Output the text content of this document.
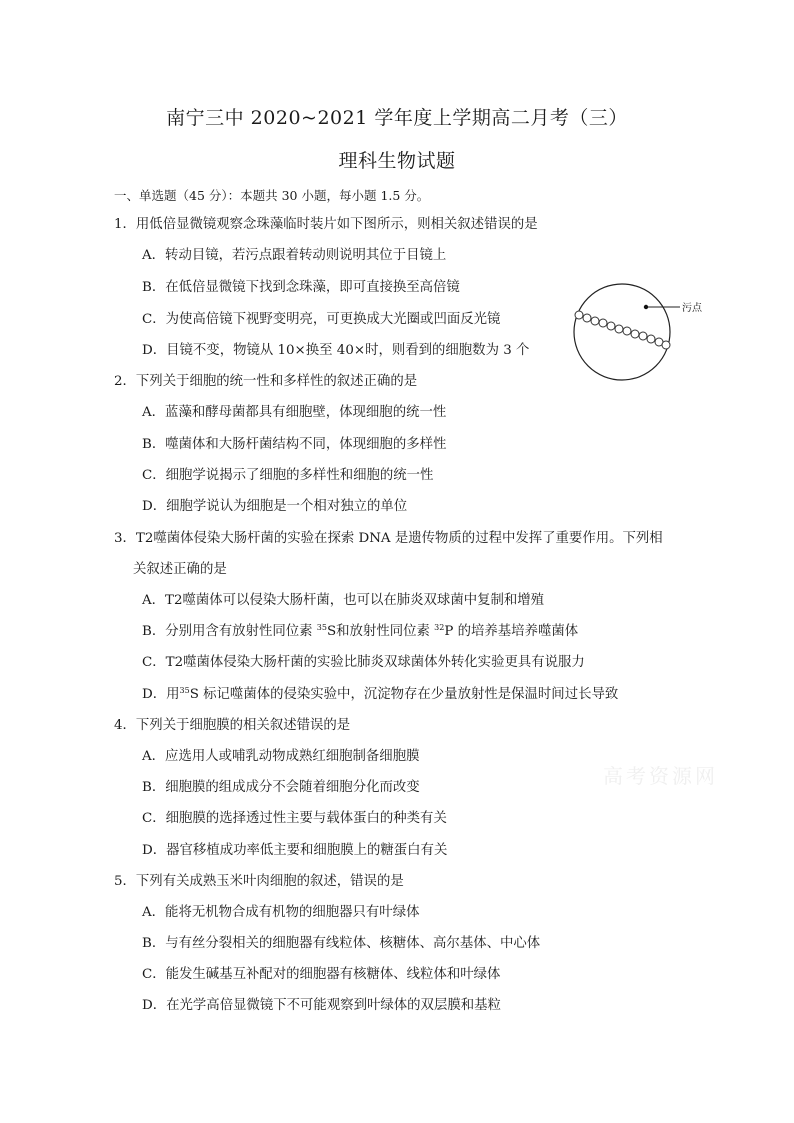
南宁三中 2020~2021 学年度上学期高二月考（三）
理科生物试题
一、单选题（45 分）：本题共 30 小题，每小题 1.5 分。
1．用低倍显微镜观察念珠藻临时装片如下图所示，则相关叙述错误的是
A．转动目镜，若污点跟着转动则说明其位于目镜上
B．在低倍显微镜下找到念珠藻，即可直接换至高倍镜
C．为使高倍镜下视野变明亮，可更换成大光圈或凹面反光镜
D．目镜不变，物镜从 10×换至 40×时，则看到的细胞数为 3 个
污点
2．下列关于细胞的统一性和多样性的叙述正确的是
A．蓝藻和酵母菌都具有细胞壁，体现细胞的统一性
B．噬菌体和大肠杆菌结构不同，体现细胞的多样性
C．细胞学说揭示了细胞的多样性和细胞的统一性
D．细胞学说认为细胞是一个相对独立的单位
3．T2噬菌体侵染大肠杆菌的实验在探索 DNA 是遗传物质的过程中发挥了重要作用。下列相
关叙述正确的是
A．T2噬菌体可以侵染大肠杆菌，也可以在肺炎双球菌中复制和增殖
B．分别用含有放射性同位素 $^{35}$S和放射性同位素 $^{32}$P 的培养基培养噬菌体
C．T2噬菌体侵染大肠杆菌的实验比肺炎双球菌体外转化实验更具有说服力
D．用$^{35}$S 标记噬菌体的侵染实验中，沉淀物存在少量放射性是保温时间过长导致
4．下列关于细胞膜的相关叙述错误的是
A．应选用人或哺乳动物成熟红细胞制备细胞膜
B．细胞膜的组成成分不会随着细胞分化而改变
C．细胞膜的选择透过性主要与载体蛋白的种类有关
D．器官移植成功率低主要和细胞膜上的糖蛋白有关
高考资源网
5．下列有关成熟玉米叶肉细胞的叙述，错误的是
A．能将无机物合成有机物的细胞器只有叶绿体
B．与有丝分裂相关的细胞器有线粒体、核糖体、高尔基体、中心体
C．能发生碱基互补配对的细胞器有核糖体、线粒体和叶绿体
D．在光学高倍显微镜下不可能观察到叶绿体的双层膜和基粒
